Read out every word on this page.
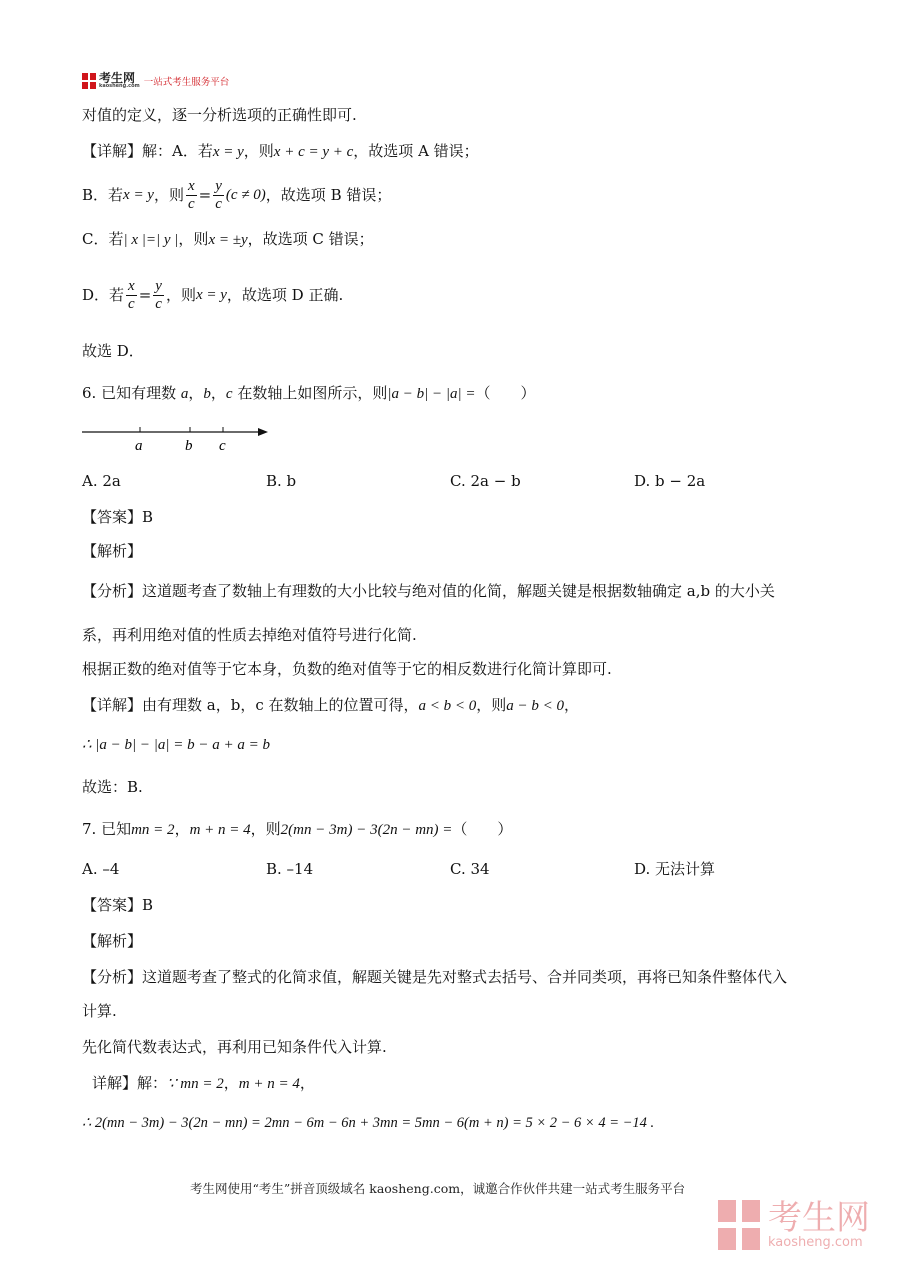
考生网
kaosheng.com 一站式考生服务平台
对值的定义，逐一分析选项的正确性即可.
【详解】解：A．若x = y，则x + c = y + c，故选项 A 错误；
B．若 x = y ，则 $\frac{x}{c} = \frac{y}{c} (c \ne 0)$ ，故选项 B 错误；
C．若| x |=| y |，则x = ±y，故选项 C 错误；
D．若 $\frac{x}{c} = \frac{y}{c}$ ，则 x = y ，故选项 D 正确.
故选 D．
6. 已知有理数 a，b，c 在数轴上如图所示，则|a − b| − |a| =（　　）
a	b c
A. 2a	B. b	C. 2a − b	D. b − 2a
【答案】B
【解析】
【分析】这道题考查了数轴上有理数的大小比较与绝对值的化简，解题关键是根据数轴确定 a,b 的大小关
系，再利用绝对值的性质去掉绝对值符号进行化简.
根据正数的绝对值等于它本身，负数的绝对值等于它的相反数进行化简计算即可.
【详解】由有理数 a，b，c 在数轴上的位置可得，a < b < 0，则a − b < 0，
∴ |a − b| − |a| = b − a + a = b
故选：B.
7. 已知mn = 2，m + n = 4，则2(mn − 3m) − 3(2n − mn) =（　　）
A. –4	B. –14	C. 34	D. 无法计算
【答案】B
【解析】
【分析】这道题考查了整式的化简求值，解题关键是先对整式去括号、合并同类项，再将已知条件整体代入
计算.
先化简代数表达式，再利用已知条件代入计算.
详解】解：∵ mn = 2，m + n = 4，
∴ 2(mn − 3m) − 3(2n − mn) = 2mn − 6m − 6n + 3mn = 5mn − 6(m + n) = 5 × 2 − 6 × 4 = −14 .
考生网使用“考生”拼音顶级域名 kaosheng.com，诚邀合作伙伴共建一站式考生服务平台
考生网
kaosheng.com
